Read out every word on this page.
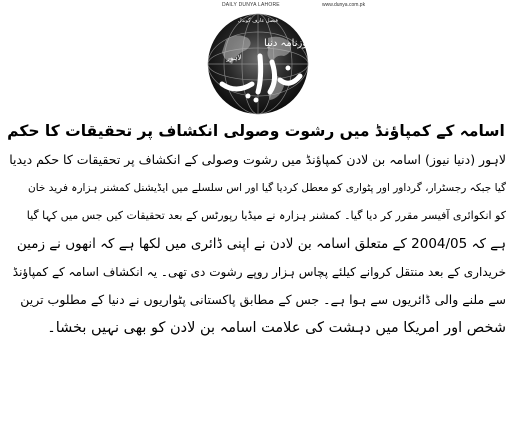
DAILY DUNYA LAHORE	www.dunya.com.pk
روزنامہ دنیا
لاہور
فیصل عارف گوندل
اسامہ کے کمپاؤنڈ میں رشوت وصولی انکشاف پر تحقیقات کا حکم
لاہور (دنیا نیوز) اسامہ بن لادن کمپاؤنڈ میں رشوت وصولی کے انکشاف پر تحقیقات کا حکم دیدیا
گیا جبکہ رجسٹرار، گرداور اور پٹواری کو معطل کردیا گیا اور اس سلسلے میں ایڈیشنل کمشنر ہزارہ فرید خان
کو انکوائری آفیسر مقرر کر دیا گیا۔ کمشنر ہزارہ نے میڈیا رپورٹس کے بعد تحقیقات کیں جس میں کہا گیا
ہے کہ 2004/05 کے متعلق اسامہ بن لادن نے اپنی ڈائری میں لکھا ہے کہ انھوں نے زمین
خریداری کے بعد منتقل کروانے کیلئے پچاس ہزار روپے رشوت دی تھی۔ یہ انکشاف اسامہ کے کمپاؤنڈ
سے ملنے والی ڈائریوں سے ہوا ہے۔ جس کے مطابق پاکستانی پٹواریوں نے دنیا کے مطلوب ترین
شخص اور امریکا میں دہشت کی علامت اسامہ بن لادن کو بھی نہیں بخشا۔
